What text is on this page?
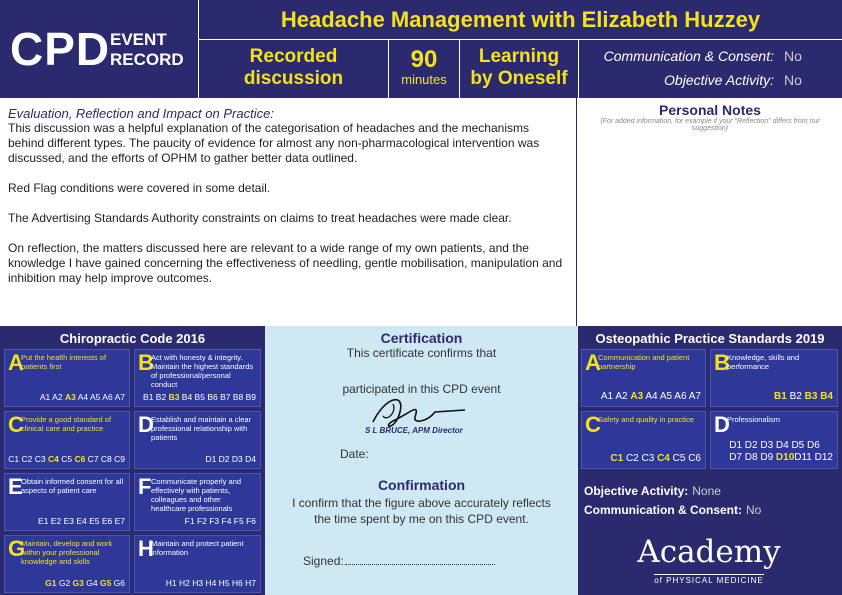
CPD EVENT
RECORD
Headache Management with Elizabeth Huzzey
Recorded
discussion
90
minutes
Learning
by Oneself
Communication & Consent: No
Objective Activity: No
Evaluation, Reflection and Impact on Practice:

This discussion was a helpful explanation of the categorisation of headaches and the mechanisms behind different types. The paucity of evidence for almost any non-pharmacological intervention was discussed, and the efforts of OPHM to gather better data outlined.

Red Flag conditions were covered in some detail.

The Advertising Standards Authority constraints on claims to treat headaches were made clear.

On reflection, the matters discussed here are relevant to a wide range of my own patients, and the knowledge I have gained concerning the effectiveness of needling, gentle mobilisation, manipulation and inhibition may help improve outcomes.

Personal Notes
(For added information, for example if your "Reflection" differs from our suggestion)
Chiropractic Code 2016
A
Put the health interests of patients first
A1 A2 A3 A4 A5 A6 A7
B
Act with honesty & integrity. Maintain the highest standards of professional/personal conduct
B1 B2 B3 B4 B5 B6 B7 B8 B9
C
Provide a good standard of clinical care and practice
C1 C2 C3 C4 C5 C6 C7 C8 C9
D
Establish and maintain a clear professional relationship with patients
D1 D2 D3 D4
E
Obtain informed consent for all aspects of patient care
E1 E2 E3 E4 E5 E6 E7
F Communicate properly and effectively with patients, colleagues and other healthcare professionals
F1 F2 F3 F4 F5 F6
G
Maintain, develop and work within your professional knowledge and skills
G1 G2 G3 G4 G5 G6
H
Maintain and protect patient information
H1 H2 H3 H4 H5 H6 H7
Certification
This certificate confirms that
participated in this CPD event
S L BRUCE, APM Director
Date:
Confirmation
I confirm that the figure above accurately reflects the time spent by me on this CPD event.
Signed:
Osteopathic Practice Standards 2019
A
Communication and patient partnership
A1 A2 A3 A4 A5 A6 A7
B
Knowledge, skills and performance
B1 B2 B3 B4
C
Safety and quality in practice
C1 C2 C3 C4 C5 C6
D
Professionalism
D1 D2 D3 D4 D5 D6
D7 D8 D9 D10D11 D12
Objective Activity: None
Communication & Consent: No
Academy
of PHYSICAL MEDICINE
